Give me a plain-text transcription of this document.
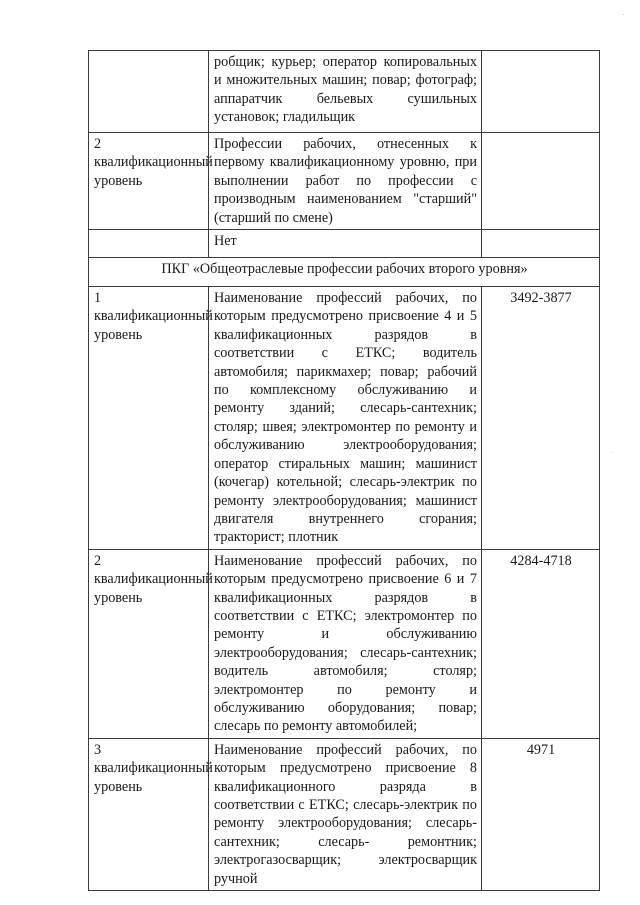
	робщик; курьер; оператор копировальных и множительных машин; повар; фотограф; аппаратчик бельевых сушильных установок; гладильщик	
2 квалификационный уровень	Профессии рабочих, отнесенных к первому квалификационному уровню, при выполнении работ по профессии с производным наименованием "старший" (старший по смене)	
	Нет	
ПКГ «Общеотраслевые профессии рабочих второго уровня»		
1 квалификационный уровень	Наименование профессий рабочих, по которым предусмотрено присвоение 4 и 5 квалификационных разрядов в соответствии с ЕТКС; водитель автомобиля; парикмахер; повар; рабочий по комплексному обслуживанию и ремонту зданий; слесарь-сантехник; столяр; швея; электромонтер по ремонту и обслуживанию электрооборудования; оператор стиральных машин; машинист (кочегар) котельной; слесарь-электрик по ремонту электрооборудования; машинист двигателя внутреннего сгорания; тракторист; плотник	3492-3877
2 квалификационный уровень	Наименование профессий рабочих, по которым предусмотрено присвоение 6 и 7 квалификационных разрядов в соответствии с ЕТКС; электромонтер по ремонту и обслуживанию электрооборудования; слесарь-сантехник; водитель автомобиля; столяр; электромонтер по ремонту и обслуживанию оборудования; повар; слесарь по ремонту автомобилей;	4284-4718
3 квалификационный уровень	Наименование профессий рабочих, по которым предусмотрено присвоение 8 квалификационного разряда в соответствии с ЕТКС; слесарь-электрик по ремонту электрооборудования; слесарь-сантехник; слесарь- ремонтник; электрогазосварщик; электросварщик ручной	4971
